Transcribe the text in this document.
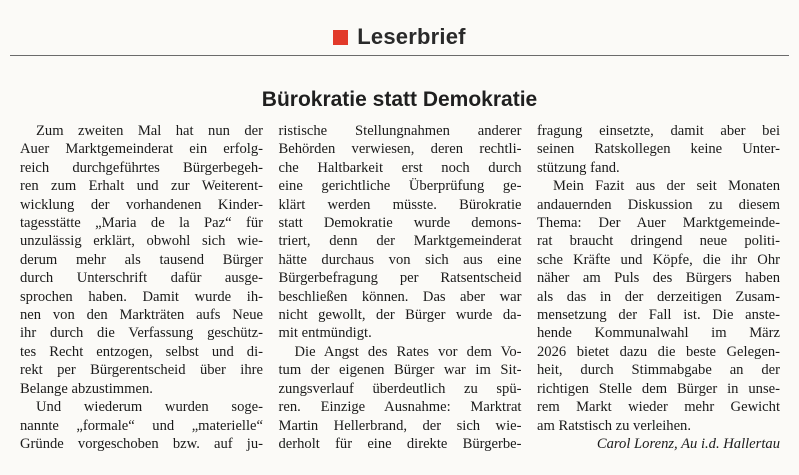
Leserbrief
Bürokratie statt Demokratie
Zum zweiten Mal hat nun der
Auer Marktgemeinderat ein erfolg-
reich durchgeführtes Bürgerbegeh-
ren zum Erhalt und zur Weiterent-
wicklung der vorhandenen Kinder-
tagesstätte „Maria de la Paz“ für
unzulässig erklärt, obwohl sich wie-
derum mehr als tausend Bürger
durch Unterschrift dafür ausge-
sprochen haben. Damit wurde ih-
nen von den Markträten aufs Neue
ihr durch die Verfassung geschütz-
tes Recht entzogen, selbst und di-
rekt per Bürgerentscheid über ihre
Belange abzustimmen.
Und wiederum wurden soge-
nannte „formale“ und „materielle“
Gründe vorgeschoben bzw. auf ju-
ristische Stellungnahmen anderer
Behörden verwiesen, deren rechtli-
che Haltbarkeit erst noch durch
eine gerichtliche Überprüfung ge-
klärt werden müsste. Bürokratie
statt Demokratie wurde demons-
triert, denn der Marktgemeinderat
hätte durchaus von sich aus eine
Bürgerbefragung per Ratsentscheid
beschließen können. Das aber war
nicht gewollt, der Bürger wurde da-
mit entmündigt.
Die Angst des Rates vor dem Vo-
tum der eigenen Bürger war im Sit-
zungsverlauf überdeutlich zu spü-
ren. Einzige Ausnahme: Marktrat
Martin Hellerbrand, der sich wie-
derholt für eine direkte Bürgerbe-
fragung einsetzte, damit aber bei
seinen Ratskollegen keine Unter-
stützung fand.
Mein Fazit aus der seit Monaten
andauernden Diskussion zu diesem
Thema: Der Auer Marktgemeinde-
rat braucht dringend neue politi-
sche Kräfte und Köpfe, die ihr Ohr
näher am Puls des Bürgers haben
als das in der derzeitigen Zusam-
mensetzung der Fall ist. Die anste-
hende Kommunalwahl im März
2026 bietet dazu die beste Gelegen-
heit, durch Stimmabgabe an der
richtigen Stelle dem Bürger in unse-
rem Markt wieder mehr Gewicht
am Ratstisch zu verleihen.
Carol Lorenz, Au i.d. Hallertau
